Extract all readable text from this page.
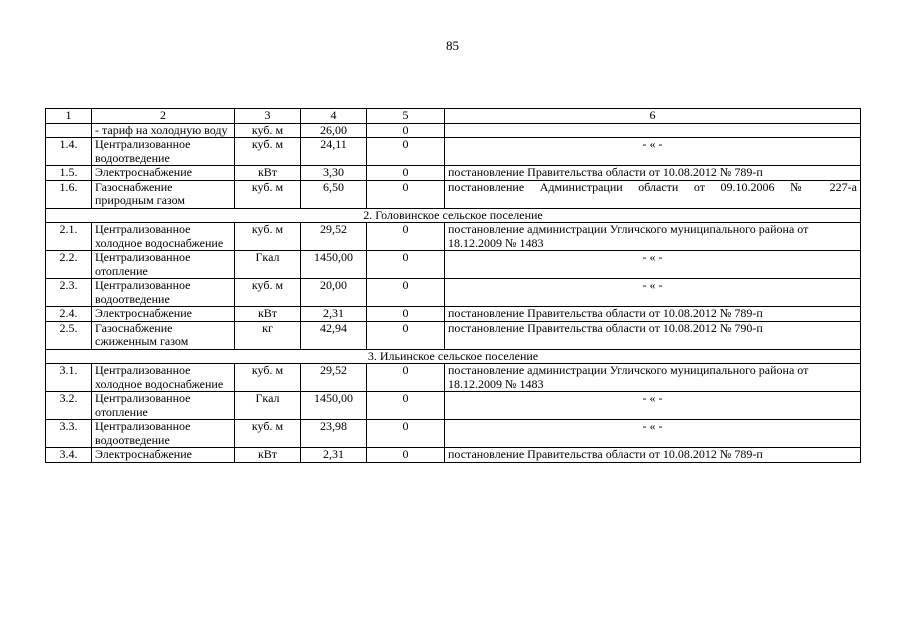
85
1	2	3	4	5	6
	- тариф на холодную воду	куб. м	26,00	0	
1.4.	Централизованное водоотведение	куб. м	24,11	0	- « -
1.5.	Электроснабжение	кВт	3,30	0	постановление Правительства области от 10.08.2012 № 789-п
1.6.	Газоснабжение природным газом	куб. м	6,50	0	постановление Администрации области от 09.10.2006 № 227-а
2. Головинское сельское поселение					
2.1.	Централизованное холодное водоснабжение	куб. м	29,52	0	постановление администрации Угличского муниципального района от 18.12.2009 № 1483
2.2.	Централизованное отопление	Гкал	1450,00	0	- « -
2.3.	Централизованное водоотведение	куб. м	20,00	0	- « -
2.4.	Электроснабжение	кВт	2,31	0	постановление Правительства области от 10.08.2012 № 789-п
2.5.	Газоснабжение сжиженным газом	кг	42,94	0	постановление Правительства области от 10.08.2012 № 790-п
3. Ильинское сельское поселение					
3.1.	Централизованное холодное водоснабжение	куб. м	29,52	0	постановление администрации Угличского муниципального района от 18.12.2009 № 1483
3.2.	Централизованное отопление	Гкал	1450,00	0	- « -
3.3.	Централизованное водоотведение	куб. м	23,98	0	- « -
3.4.	Электроснабжение	кВт	2,31	0	постановление Правительства области от 10.08.2012 № 789-п
